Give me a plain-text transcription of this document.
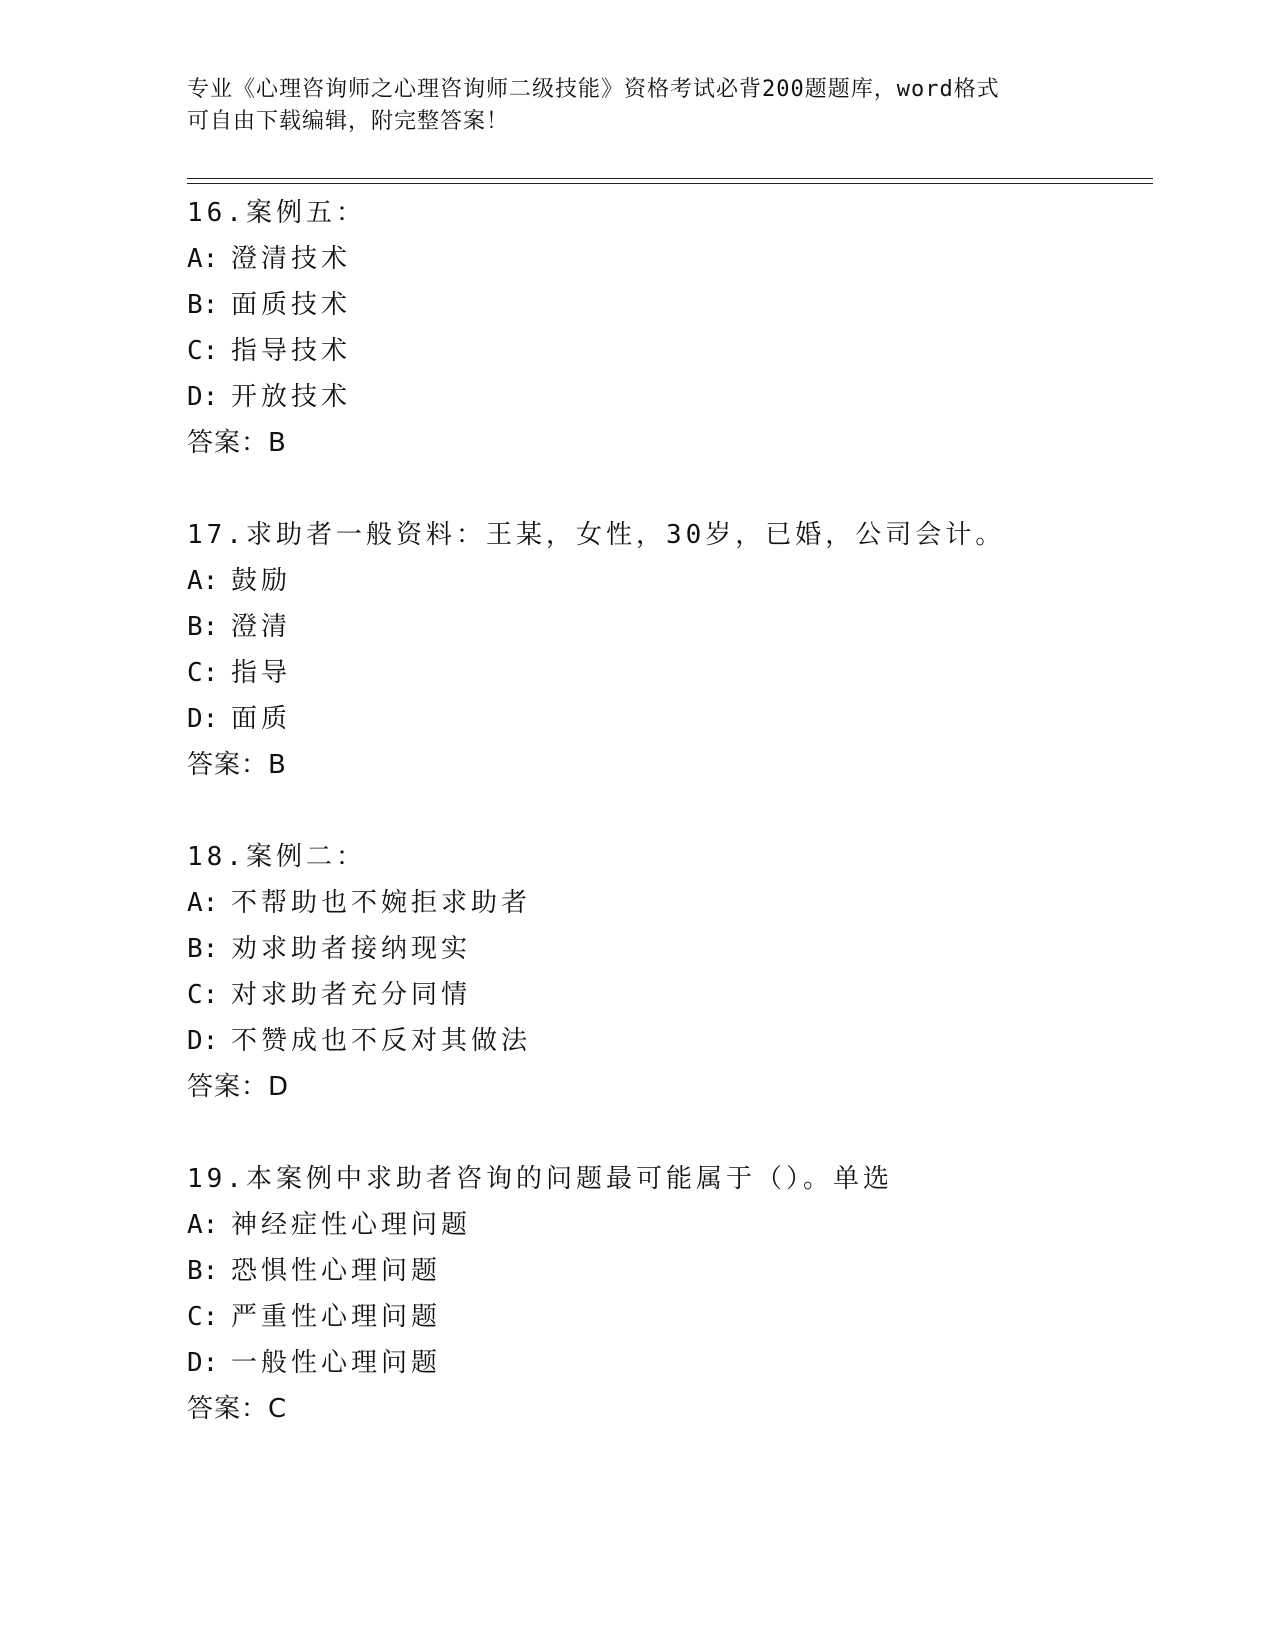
专业《心理咨询师之心理咨询师二级技能》资格考试必背200题题库，word格式
可自由下载编辑，附完整答案！
16.案例五：
A: 澄清技术
B: 面质技术
C: 指导技术
D: 开放技术
答案：B
17.求助者一般资料：王某，女性，30岁，已婚，公司会计。
A: 鼓励
B: 澄清
C: 指导
D: 面质
答案：B
18.案例二：
A: 不帮助也不婉拒求助者
B: 劝求助者接纳现实
C: 对求助者充分同情
D: 不赞成也不反对其做法
答案：D
19.本案例中求助者咨询的问题最可能属于（）。单选
A: 神经症性心理问题
B: 恐惧性心理问题
C: 严重性心理问题
D: 一般性心理问题
答案：C
